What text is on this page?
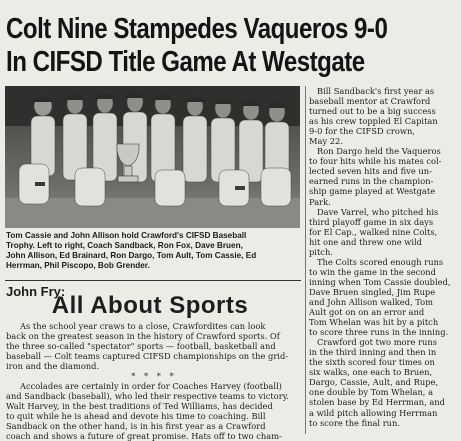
Colt Nine Stampedes Vaqueros 9-0
In CIFSD Title Game At Westgate
Tom Cassie and John Allison hold Crawford's CIFSD Baseball
Trophy. Left to right, Coach Sandback, Ron Fox, Dave Bruen,
John Allison, Ed Brainard, Ron Dargo, Tom Ault, Tom Cassie, Ed
Herrman, Phil Piscopo, Bob Grender.
John Fry:
All About Sports
As the school year craws to a close, Crawfordites can look
back on the greatest season in the history of Crawford sports. Of
the three so-called "spectator" sports — football, basketball and
baseball — Colt teams captured CIFSD championships on the grid-
iron and the diamond.
* * * *
Accolades are certainly in order for Coaches Harvey (football)
and Sandback (baseball), who led their respective teams to victory.
Walt Harvey, in the best traditions of Ted Williams, has decided
to quit while he is ahead and devote his time to coaching. Bill
Sandback on the other hand, is in his first year as a Crawford
coach and shows a future of great promise. Hats off to two cham-
Bill Sandback's first year as
baseball mentor at Crawford
turned out to be a big success
as his crew toppled El Capitan
9-0 for the CIFSD crown,
May 22.
Ron Dargo held the Vaqueros
to four hits while his mates col-
lected seven hits and five un-
earned runs in the champion-
ship game played at Westgate
Park.
Dave Varrel, who pitched his
third playoff game in six days
for El Cap., walked nine Colts,
hit one and threw one wild
pitch.
The Colts scored enough runs
to win the game in the second
inning when Tom Cassie doubled,
Dave Bruen singled, Jim Rupe
and John Allison walked, Tom
Ault got on on an error and
Tom Whelan was hit by a pitch
to score three runs in the inning.
Crawford got two more runs
in the third inning and then in
the sixth scored four times on
six walks, one each to Bruen,
Dargo, Cassie, Ault, and Rupe,
one double by Tom Whelan, a
stolen base by Ed Herrman, and
a wild pitch allowing Herrman
to score the final run.
